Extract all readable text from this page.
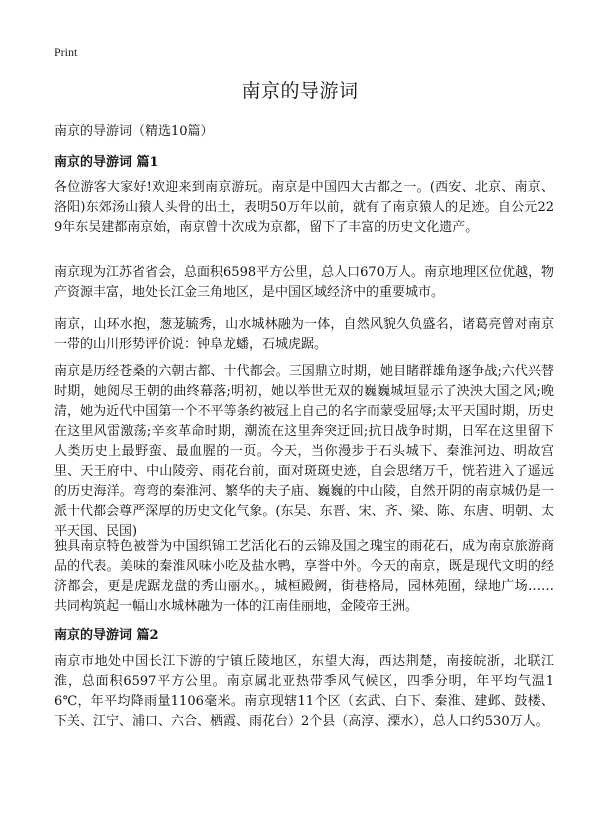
Print
南京的导游词

南京的导游词（精选10篇）

南京的导游词 篇1

各位游客大家好!欢迎来到南京游玩。南京是中国四大古都之一。(西安、北京、南京、洛阳)东郊汤山猿人头骨的出土，表明50万年以前，就有了南京猿人的足迹。自公元229年东吴建都南京始，南京曾十次成为京都，留下了丰富的历史文化遗产。

南京现为江苏省省会，总面积6598平方公里，总人口670万人。南京地理区位优越，物产资源丰富，地处长江金三角地区，是中国区域经济中的重要城市。

南京，山环水抱，葱茏毓秀，山水城林融为一体，自然风貌久负盛名，诸葛亮曾对南京一带的山川形势评价说：钟阜龙蟠，石城虎踞。

南京是历经苍桑的六朝古都、十代都会。三国鼎立时期，她目睹群雄角逐争战;六代兴替时期，她阅尽王朝的曲终幕落;明初，她以举世无双的巍巍城垣显示了泱泱大国之风;晚清，她为近代中国第一个不平等条约被冠上自己的名字而蒙受屈辱;太平天国时期，历史在这里风雷激荡;辛亥革命时期，潮流在这里奔突迂回;抗日战争时期，日军在这里留下人类历史上最野蛮、最血腥的一页。今天，当你漫步于石头城下、秦淮河边、明故宫里、天王府中、中山陵旁、雨花台前，面对斑斑史迹，自会思绪万千，恍若进入了遥远的历史海洋。弯弯的秦淮河、繁华的夫子庙、巍巍的中山陵，自然开阴的南京城仍是一派十代都会尊严深厚的历史文化气象。(东吴、东晋、宋、齐、梁、陈、东唐、明朝、太平天国、民国)

独具南京特色被誉为中国织锦工艺活化石的云锦及国之瑰宝的雨花石，成为南京旅游商品的代表。美味的秦淮风味小吃及盐水鸭，享誉中外。今天的南京，既是现代文明的经济都会，更是虎踞龙盘的秀山丽水。，城桓殿阙，街巷格局，园林苑囿，绿地广场……共同构筑起一幅山水城林融为一体的江南佳丽地，金陵帝王洲。

南京的导游词 篇2

南京市地处中国长江下游的宁镇丘陵地区，东望大海，西达荆楚，南接皖浙，北联江淮，总面积6597平方公里。南京属北亚热带季风气候区，四季分明，年平均气温16℃，年平均降雨量1106毫米。南京现辖11个区（玄武、白下、秦淮、建邺、鼓楼、下关、江宁、浦口、六合、栖霞、雨花台）2个县（高淳、溧水），总人口约530万人。
